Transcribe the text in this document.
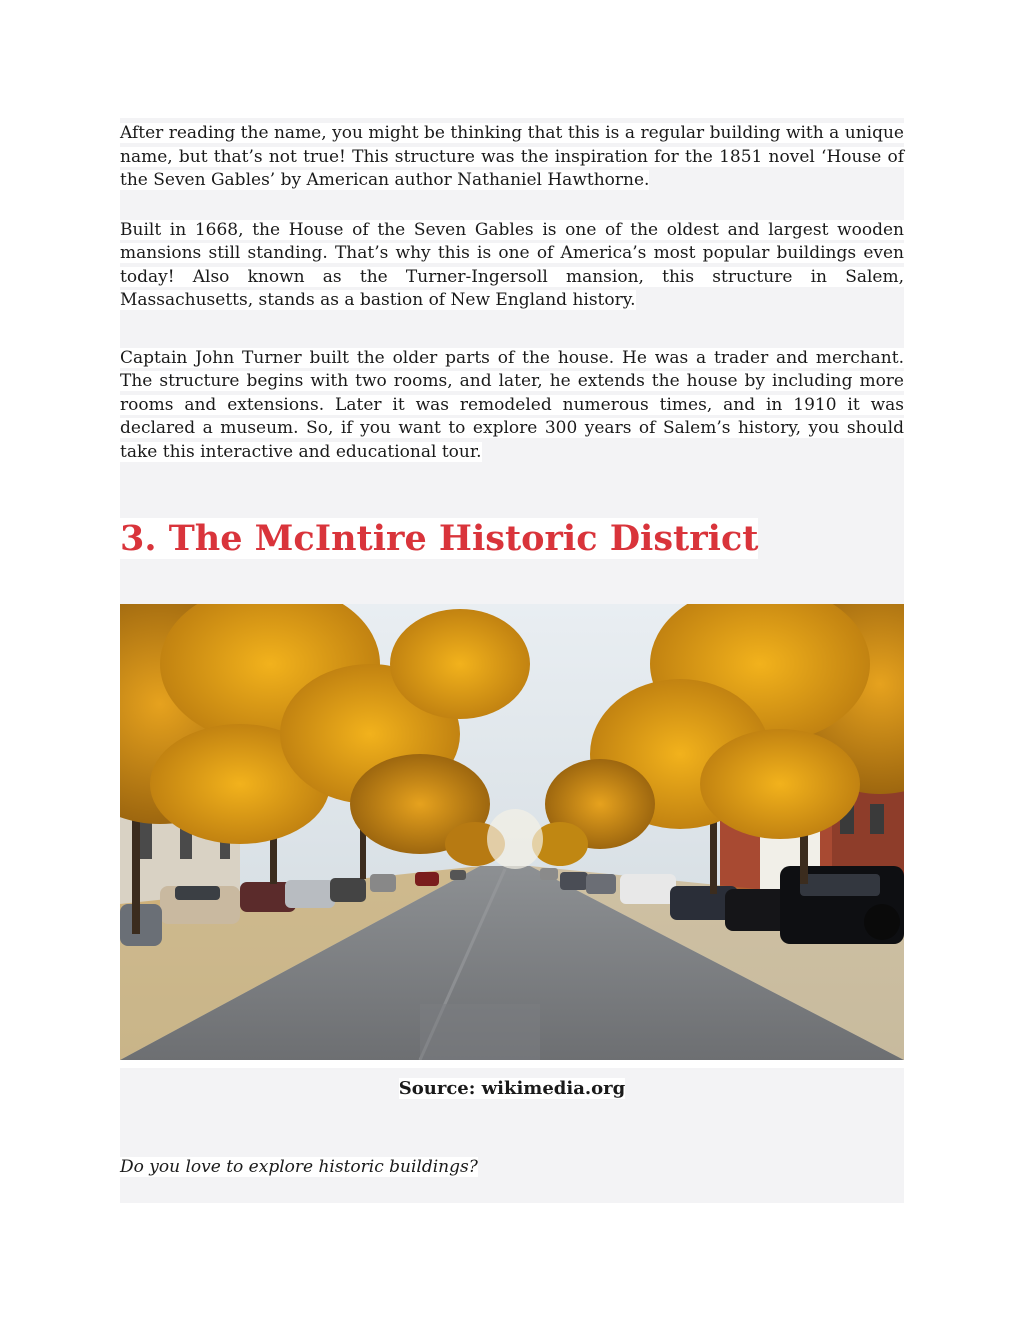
After reading the name, you might be thinking that this is a regular building with a unique name, but that’s not true! This structure was the inspiration for the 1851 novel ‘House of the Seven Gables’ by American author Nathaniel Hawthorne.

Built in 1668, the House of the Seven Gables is one of the oldest and largest wooden mansions still standing. That’s why this is one of America’s most popular buildings even today! Also known as the Turner-Ingersoll mansion, this structure in Salem, Massachusetts, stands as a bastion of New England history.

Captain John Turner built the older parts of the house. He was a trader and merchant. The structure begins with two rooms, and later, he extends the house by including more rooms and extensions. Later it was remodeled numerous times, and in 1910 it was declared a museum. So, if you want to explore 300 years of Salem’s history, you should take this interactive and educational tour.

3. The McIntire Historic District
Source: wikimedia.org
Do you love to explore historic buildings?
